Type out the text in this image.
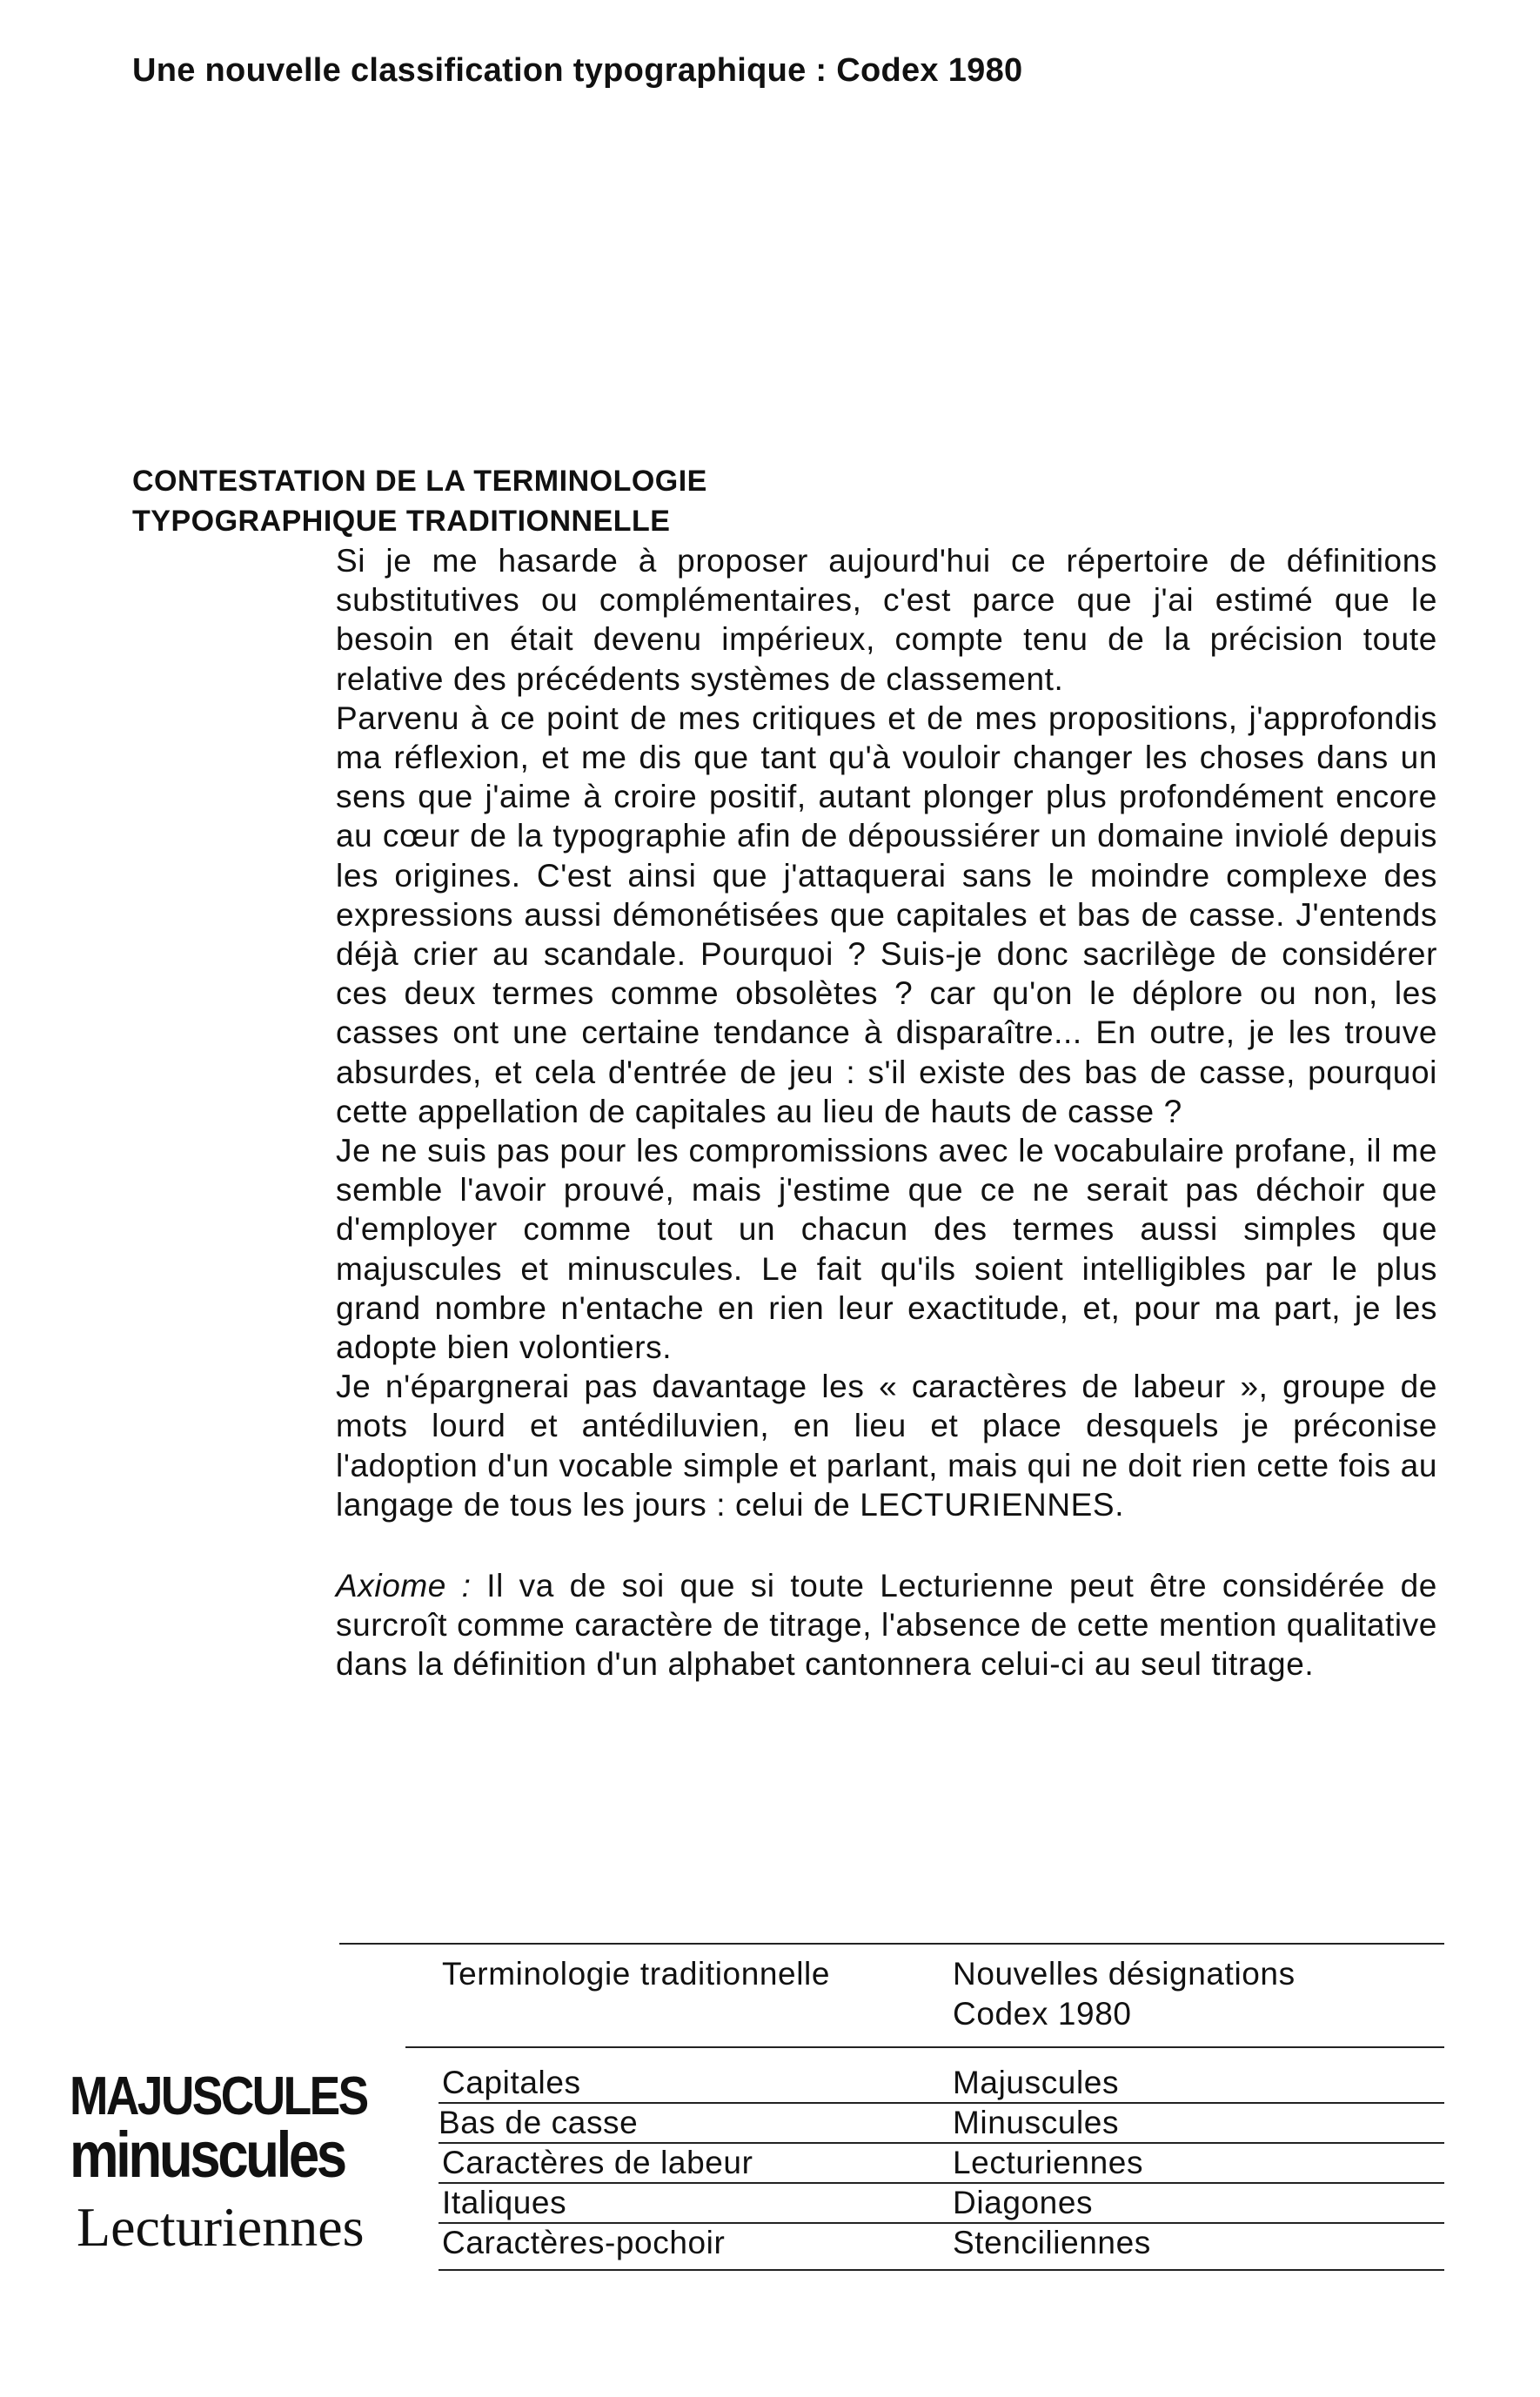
Une nouvelle classification typographique : Codex 1980
CONTESTATION DE LA TERMINOLOGIE
TYPOGRAPHIQUE TRADITIONNELLE

Si je me hasarde à proposer aujourd'hui ce répertoire de définitions substitutives ou complémentaires, c'est parce que j'ai estimé que le besoin en était devenu impérieux, compte tenu de la précision toute relative des précédents systèmes de classement.

Parvenu à ce point de mes critiques et de mes propositions, j'approfondis ma réflexion, et me dis que tant qu'à vouloir changer les choses dans un sens que j'aime à croire positif, autant plonger plus profondément encore au cœur de la typographie afin de dépoussiérer un domaine inviolé depuis les origines. C'est ainsi que j'attaquerai sans le moindre complexe des expressions aussi démonétisées que capitales et bas de casse. J'entends déjà crier au scandale. Pourquoi ? Suis-je donc sacrilège de considérer ces deux termes comme obsolètes ? car qu'on le déplore ou non, les casses ont une certaine tendance à disparaître... En outre, je les trouve absurdes, et cela d'entrée de jeu : s'il existe des bas de casse, pourquoi cette appellation de capitales au lieu de hauts de casse ?

Je ne suis pas pour les compromissions avec le vocabulaire profane, il me semble l'avoir prouvé, mais j'estime que ce ne serait pas déchoir que d'employer comme tout un chacun des termes aussi simples que majuscules et minuscules. Le fait qu'ils soient intelligibles par le plus grand nombre n'entache en rien leur exactitude, et, pour ma part, je les adopte bien volontiers.

Je n'épargnerai pas davantage les « caractères de labeur », groupe de mots lourd et antédiluvien, en lieu et place desquels je préconise l'adoption d'un vocable simple et parlant, mais qui ne doit rien cette fois au langage de tous les jours : celui de LECTURIENNES.

Axiome : Il va de soi que si toute Lecturienne peut être considérée de surcroît comme caractère de titrage, l'absence de cette mention qualitative dans la définition d'un alphabet cantonnera celui-ci au seul titrage.

Terminologie traditionnelle	Nouvelles désignations
Codex 1980
Capitales	Majuscules
Bas de casse	Minuscules
Caractères de labeur	Lecturiennes
Italiques	Diagones
Caractères-pochoir	Stenciliennes
MAJUSCULES
minuscules
Lecturiennes
